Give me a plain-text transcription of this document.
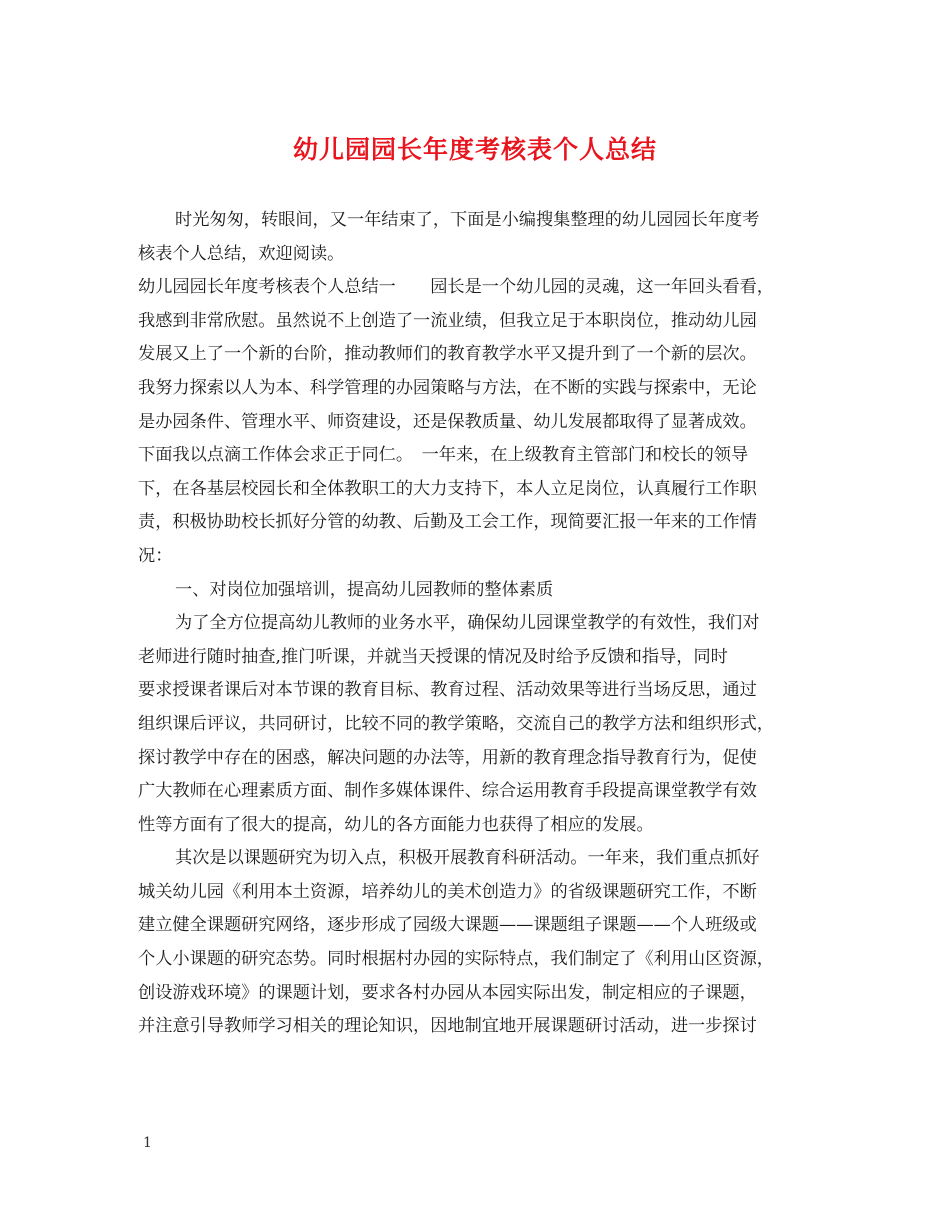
幼儿园园长年度考核表个人总结
时光匆匆，转眼间，又一年结束了，下面是小编搜集整理的幼儿园园长年度考
核表个人总结，欢迎阅读。
幼儿园园长年度考核表个人总结一　　园长是一个幼儿园的灵魂，这一年回头看看，
我感到非常欣慰。虽然说不上创造了一流业绩，但我立足于本职岗位，推动幼儿园
发展又上了一个新的台阶，推动教师们的教育教学水平又提升到了一个新的层次。
我努力探索以人为本、科学管理的办园策略与方法，在不断的实践与探索中，无论
是办园条件、管理水平、师资建设，还是保教质量、幼儿发展都取得了显著成效。
下面我以点滴工作体会求正于同仁。　一年来，在上级教育主管部门和校长的领导
下，在各基层校园长和全体教职工的大力支持下，本人立足岗位，认真履行工作职
责，积极协助校长抓好分管的幼教、后勤及工会工作，现简要汇报一年来的工作情
况：
一、对岗位加强培训，提高幼儿园教师的整体素质
为了全方位提高幼儿教师的业务水平，确保幼儿园课堂教学的有效性，我们对
老师进行随时抽查,推门听课，并就当天授课的情况及时给予反馈和指导，同时
要求授课者课后对本节课的教育目标、教育过程、活动效果等进行当场反思，通过
组织课后评议，共同研讨，比较不同的教学策略，交流自己的教学方法和组织形式，
探讨教学中存在的困惑，解决问题的办法等，用新的教育理念指导教育行为，促使
广大教师在心理素质方面、制作多媒体课件、综合运用教育手段提高课堂教学有效
性等方面有了很大的提高，幼儿的各方面能力也获得了相应的发展。
其次是以课题研究为切入点，积极开展教育科研活动。一年来，我们重点抓好
城关幼儿园《利用本土资源，培养幼儿的美术创造力》的省级课题研究工作，不断
建立健全课题研究网络，逐步形成了园级大课题——课题组子课题——个人班级或
个人小课题的研究态势。同时根据村办园的实际特点，我们制定了《利用山区资源，
创设游戏环境》的课题计划，要求各村办园从本园实际出发，制定相应的子课题，
并注意引导教师学习相关的理论知识，因地制宜地开展课题研讨活动，进一步探讨
1
